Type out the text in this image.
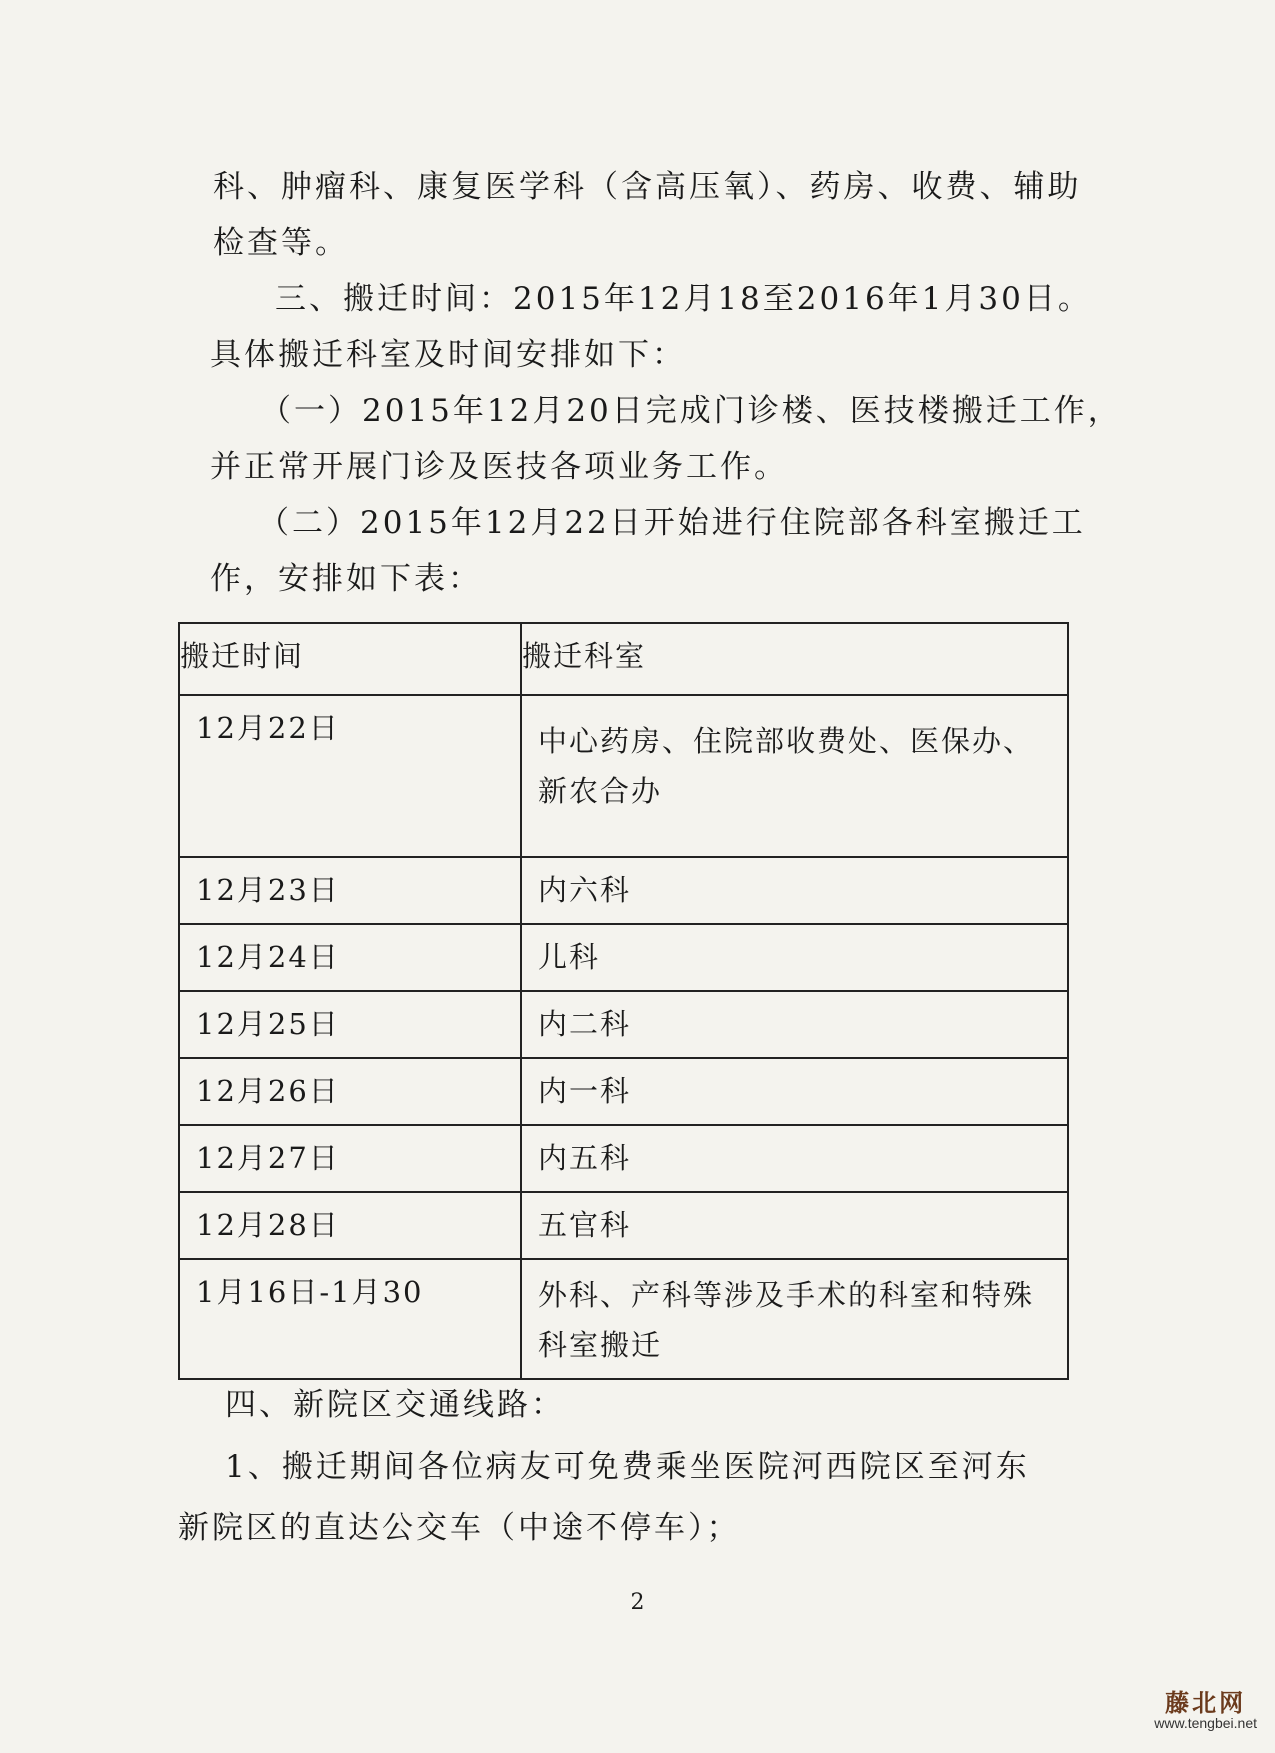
科、肿瘤科、康复医学科（含高压氧）、药房、收费、辅助
检查等。
三、搬迁时间：2015年12月18至2016年1月30日。
具体搬迁科室及时间安排如下：
（一）2015年12月20日完成门诊楼、医技楼搬迁工作，
并正常开展门诊及医技各项业务工作。
（二）2015年12月22日开始进行住院部各科室搬迁工
作，安排如下表：
搬迁时间	搬迁科室
12月22日	中心药房、住院部收费处、医保办、新农合办
12月23日	内六科
12月24日	儿科
12月25日	内二科
12月26日	内一科
12月27日	内五科
12月28日	五官科
1月16日-1月30	外科、产科等涉及手术的科室和特殊科室搬迁
四、新院区交通线路：
1、搬迁期间各位病友可免费乘坐医院河西院区至河东
新院区的直达公交车（中途不停车）；
2
藤北网
www.tengbei.net
